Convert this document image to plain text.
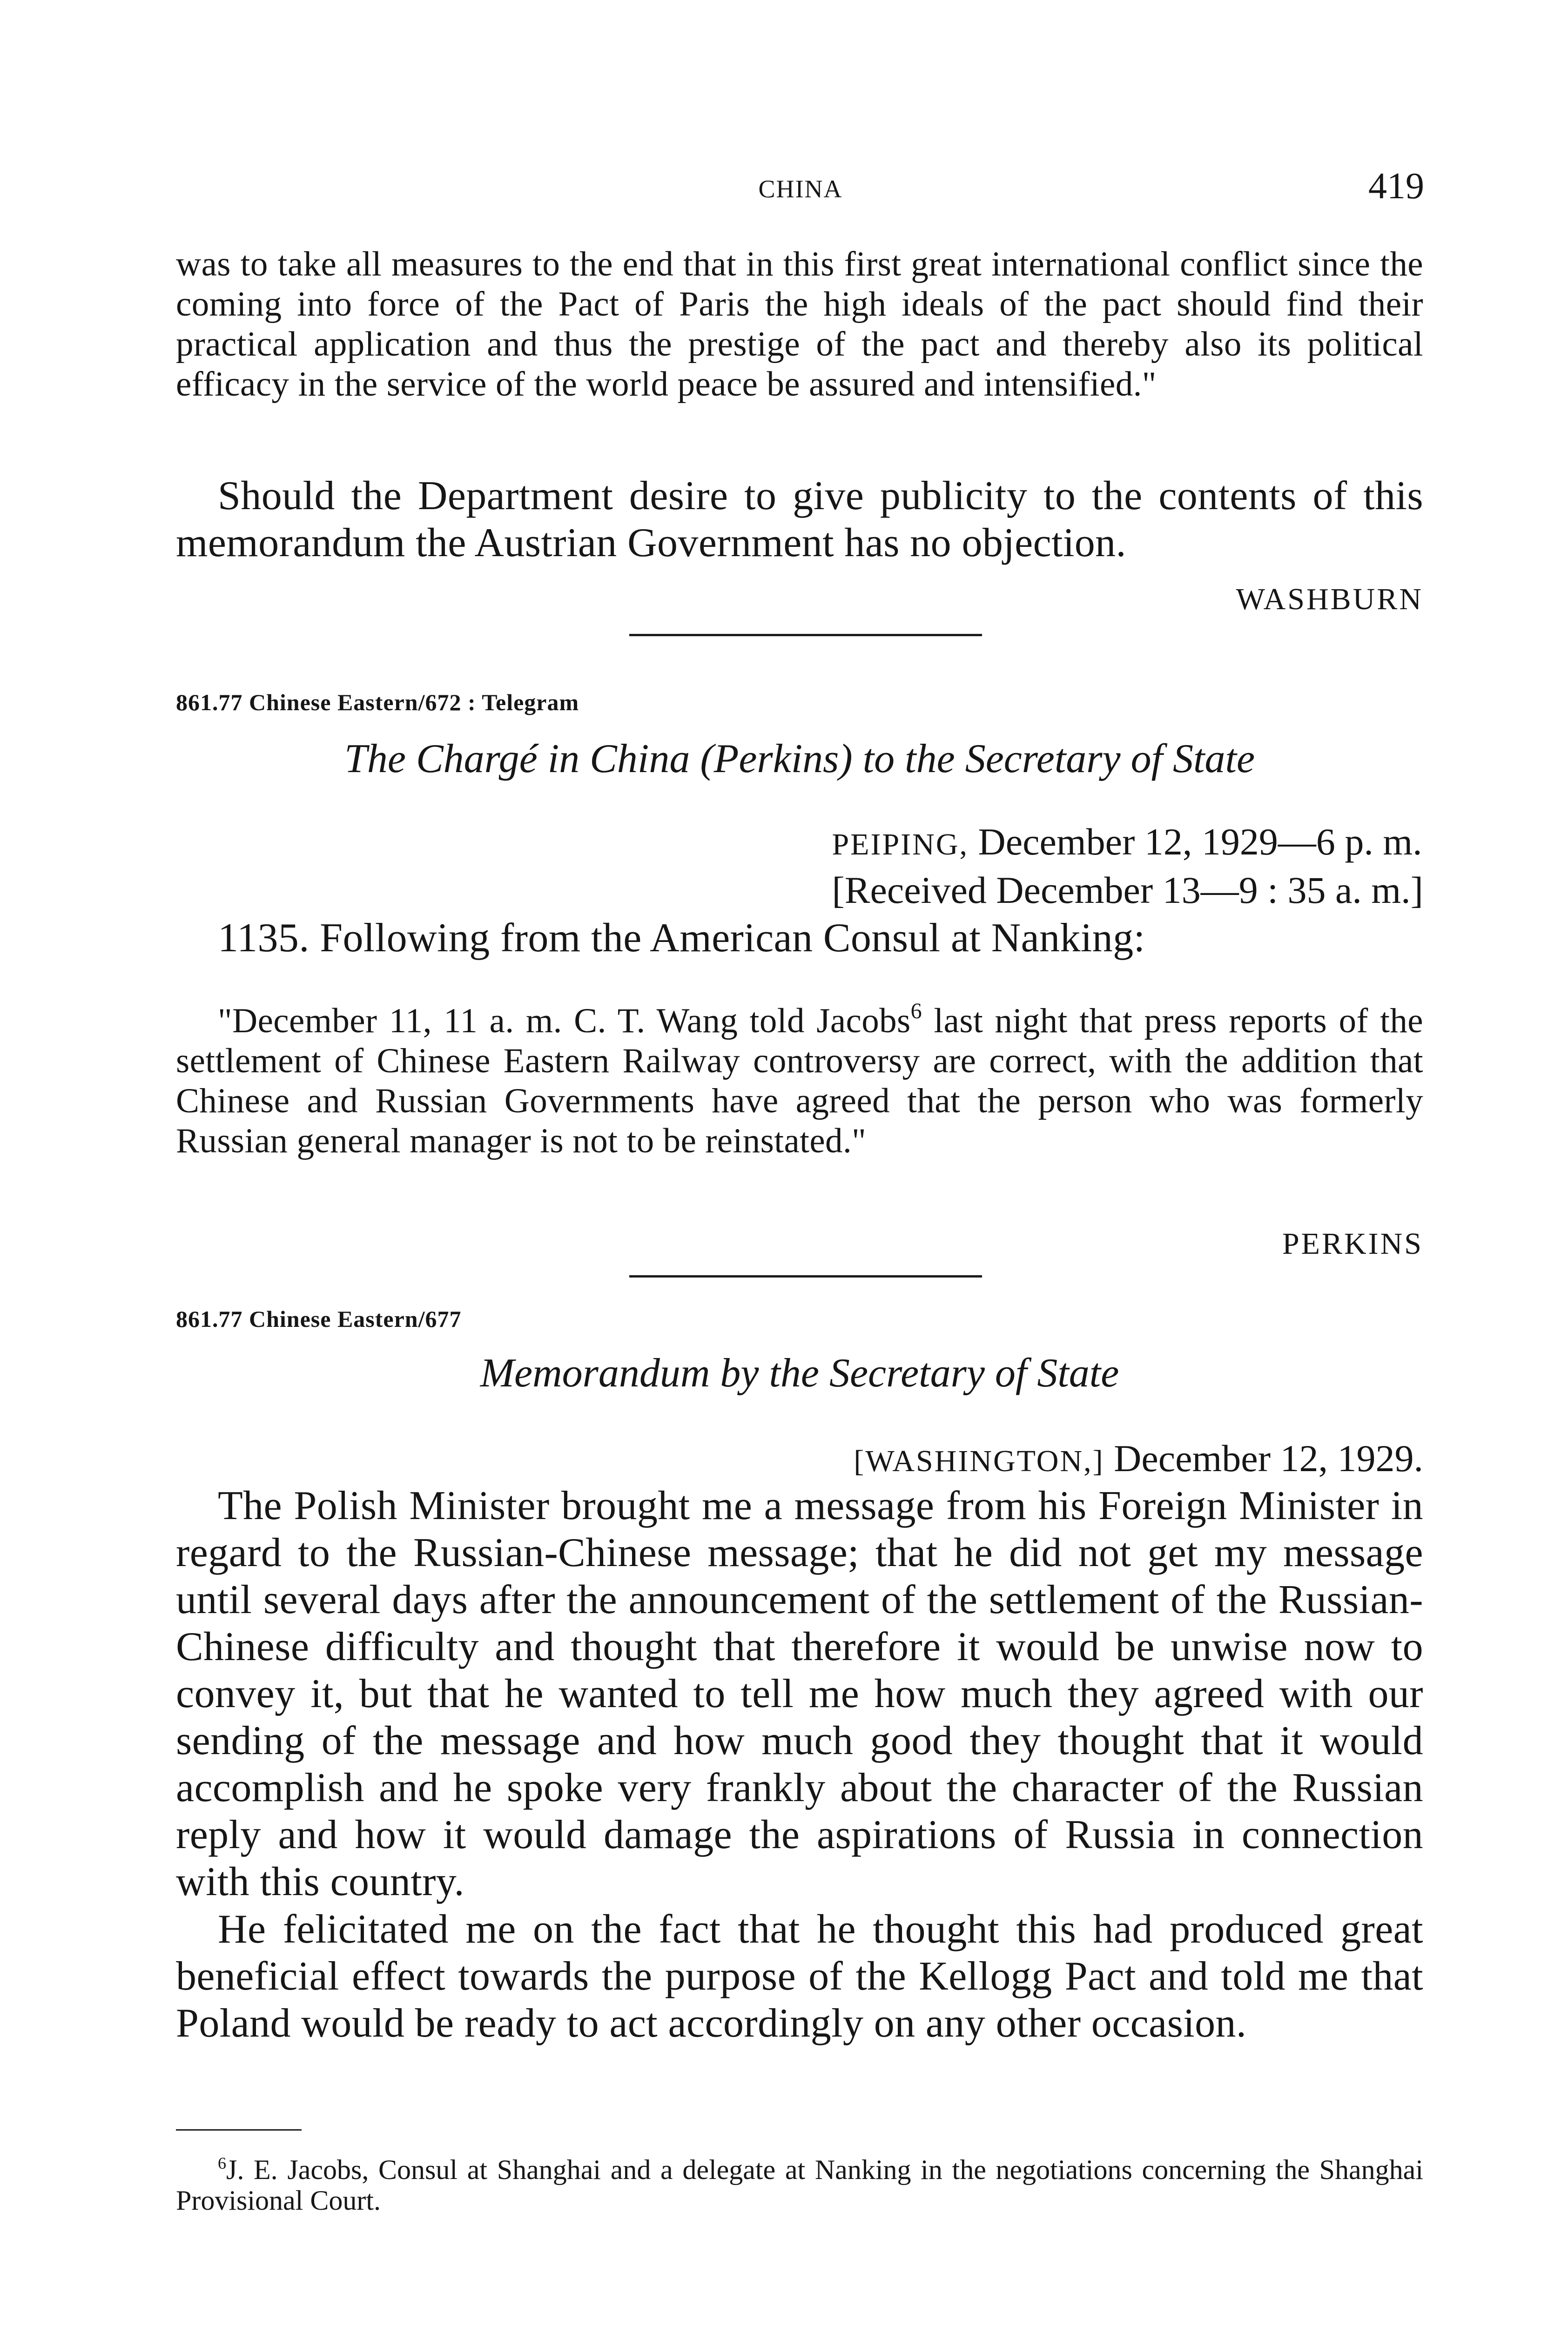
CHINA	419
was to take all measures to the end that in this first great international conflict since the coming into force of the Pact of Paris the high ideals of the pact should find their practical application and thus the prestige of the pact and thereby also its political efficacy in the service of the world peace be assured and intensified."
Should the Department desire to give publicity to the contents of this memorandum the Austrian Government has no objection.
WASHBURN
861.77 Chinese Eastern/672 : Telegram
The Chargé in China (Perkins) to the Secretary of State
PEIPING, December 12, 1929—6 p. m.
[Received December 13—9 : 35 a. m.]
1135. Following from the American Consul at Nanking:
"December 11, 11 a. m. C. T. Wang told Jacobs$^6$ last night that press reports of the settlement of Chinese Eastern Railway controversy are correct, with the addition that Chinese and Russian Governments have agreed that the person who was formerly Russian general manager is not to be reinstated."
PERKINS
861.77 Chinese Eastern/677
Memorandum by the Secretary of State
[WASHINGTON,] December 12, 1929.
The Polish Minister brought me a message from his Foreign Minister in regard to the Russian-Chinese message; that he did not get my message until several days after the announcement of the settlement of the Russian-Chinese difficulty and thought that therefore it would be unwise now to convey it, but that he wanted to tell me how much they agreed with our sending of the message and how much good they thought that it would accomplish and he spoke very frankly about the character of the Russian reply and how it would damage the aspirations of Russia in connection with this country.
He felicitated me on the fact that he thought this had produced great beneficial effect towards the purpose of the Kellogg Pact and told me that Poland would be ready to act accordingly on any other occasion.
$^6$J. E. Jacobs, Consul at Shanghai and a delegate at Nanking in the negotiations concerning the Shanghai Provisional Court.
